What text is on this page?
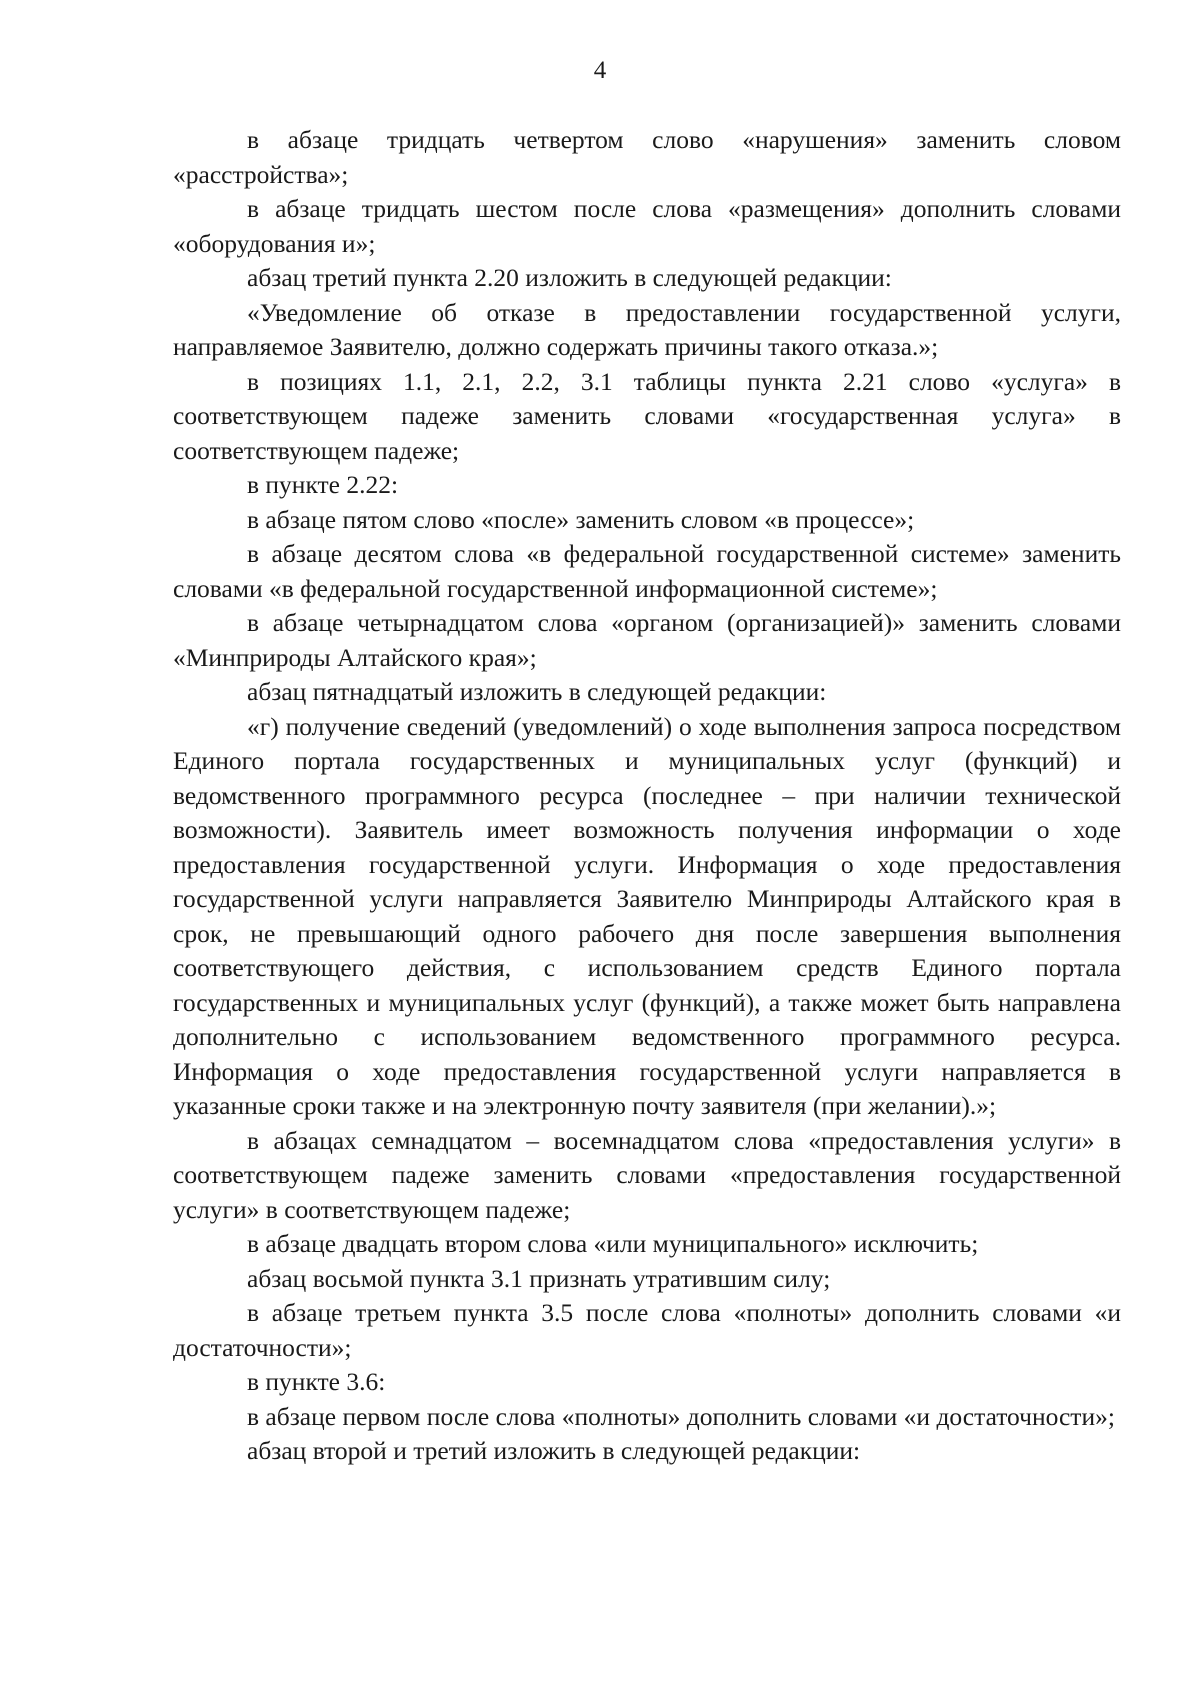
4

в абзаце тридцать четвертом слово «нарушения» заменить словом «расстройства»;

в абзаце тридцать шестом после слова «размещения» дополнить словами «оборудования и»;

абзац третий пункта 2.20 изложить в следующей редакции:

«Уведомление об отказе в предоставлении государственной услуги, направляемое Заявителю, должно содержать причины такого отказа.»;

в позициях 1.1, 2.1, 2.2, 3.1 таблицы пункта 2.21 слово «услуга» в соответствующем падеже заменить словами «государственная услуга» в соответствующем падеже;

в пункте 2.22:

в абзаце пятом слово «после» заменить словом «в процессе»;

в абзаце десятом слова «в федеральной государственной системе» заменить словами «в федеральной государственной информационной системе»;

в абзаце четырнадцатом слова «органом (организацией)» заменить словами «Минприроды Алтайского края»;

абзац пятнадцатый изложить в следующей редакции:

«г) получение сведений (уведомлений) о ходе выполнения запроса посредством Единого портала государственных и муниципальных услуг (функций) и ведомственного программного ресурса (последнее – при наличии технической возможности). Заявитель имеет возможность получения информации о ходе предоставления государственной услуги. Информация о ходе предоставления государственной услуги направляется Заявителю Минприроды Алтайского края в срок, не превышающий одного рабочего дня после завершения выполнения соответствующего действия, с использованием средств Единого портала государственных и муниципальных услуг (функций), а также может быть направлена дополнительно с использованием ведомственного программного ресурса. Информация о ходе предоставления государственной услуги направляется в указанные сроки также и на электронную почту заявителя (при желании).»;

в абзацах семнадцатом – восемнадцатом слова «предоставления услуги» в соответствующем падеже заменить словами «предоставления государственной услуги» в соответствующем падеже;

в абзаце двадцать втором слова «или муниципального» исключить;

абзац восьмой пункта 3.1 признать утратившим силу;

в абзаце третьем пункта 3.5 после слова «полноты» дополнить словами «и достаточности»;

в пункте 3.6:

в абзаце первом после слова «полноты» дополнить словами «и достаточности»;

абзац второй и третий изложить в следующей редакции:
